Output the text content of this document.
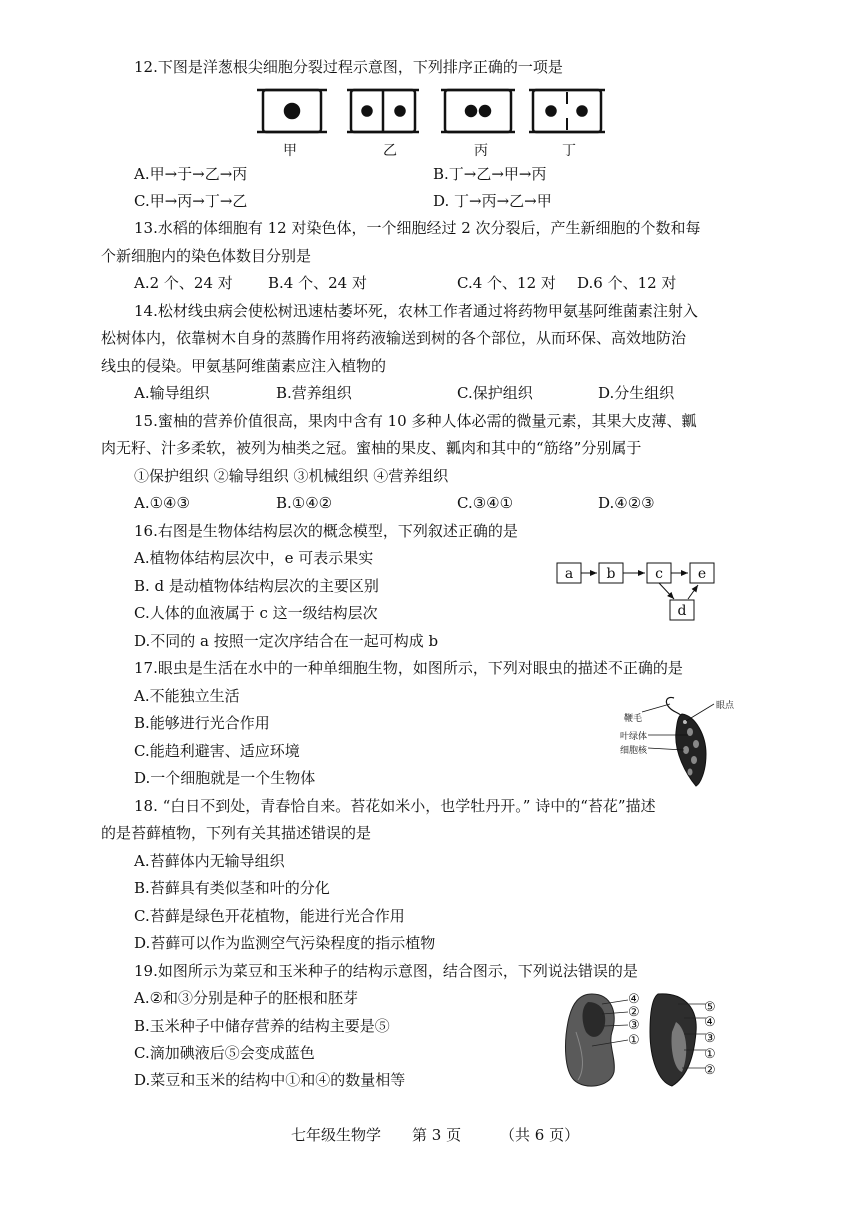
12.下图是洋葱根尖细胞分裂过程示意图，下列排序正确的一项是
甲	乙	丙	丁
A.甲→于→乙→丙	B.丁→乙→甲→丙
C.甲→丙→丁→乙	D. 丁→丙→乙→甲
13.水稻的体细胞有 12 对染色体，一个细胞经过 2 次分裂后，产生新细胞的个数和每
个新细胞内的染色体数目分别是
A.2 个、24 对 B.4 个、24 对	C.4 个、12 对 D.6 个、12 对
14.松材线虫病会使松树迅速枯萎坏死，农林工作者通过将药物甲氨基阿维菌素注射入
松树体内，依靠树木自身的蒸腾作用将药液输送到树的各个部位，从而环保、高效地防治
线虫的侵染。甲氨基阿维菌素应注入植物的
A.输导组织	B.营养组织	C.保护组织	D.分生组织
15.蜜柚的营养价值很高，果肉中含有 10 多种人体必需的微量元素，其果大皮薄、瓤
肉无籽、汁多柔软，被列为柚类之冠。蜜柚的果皮、瓤肉和其中的“筋络”分别属于
①保护组织 ②输导组织 ③机械组织 ④营养组织
A.①④③	B.①④②	C.③④①	D.④②③
16.右图是生物体结构层次的概念模型，下列叙述正确的是
A.植物体结构层次中，e 可表示果实
B. d 是动植物体结构层次的主要区别
C.人体的血液属于 c 这一级结构层次
D.不同的 a 按照一定次序结合在一起可构成 b
a b	c e
d
17.眼虫是生活在水中的一种单细胞生物，如图所示，下列对眼虫的描述不正确的是
A.不能独立生活
B.能够进行光合作用
C.能趋利避害、适应环境
D.一个细胞就是一个生物体
眼点
鞭毛
叶绿体
细胞核
18. “白日不到处，青春恰自来。苔花如米小，也学牡丹开。” 诗中的“苔花”描述
的是苔藓植物，下列有关其描述错误的是
A.苔藓体内无输导组织
B.苔藓具有类似茎和叶的分化
C.苔藓是绿色开花植物，能进行光合作用
D.苔藓可以作为监测空气污染程度的指示植物
19.如图所示为菜豆和玉米种子的结构示意图，结合图示，下列说法错误的是
A.②和③分别是种子的胚根和胚芽
B.玉米种子中储存营养的结构主要是⑤
C.滴加碘液后⑤会变成蓝色
D.菜豆和玉米的结构中①和④的数量相等
④
②
③
①
⑤
④
③
①
②
七年级生物学 第 3 页	（共 6 页）
